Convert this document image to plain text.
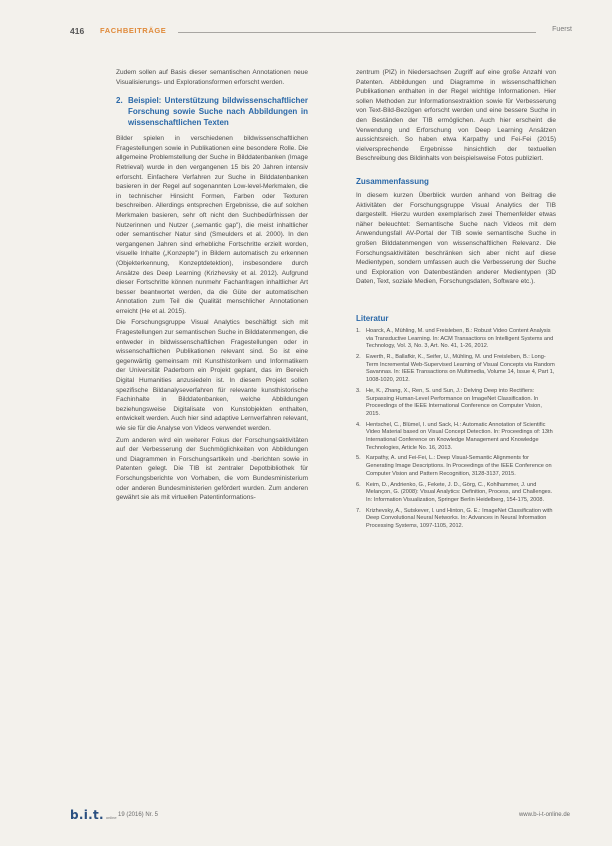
416 FACHBEITRÄGE	Fuerst

Zudem sollen auf Basis dieser semantischen Annotationen neue Visualisierungs- und Explorationsformen erforscht werden.

2. Beispiel: Unterstützung bildwissenschaftlicher Forschung sowie Suche nach Abbildungen in wissenschaftlichen Texten

Bilder spielen in verschiedenen bildwissenschaftlichen Fragestellungen sowie in Publikationen eine besondere Rolle. Die allgemeine Problemstellung der Suche in Bilddatenbanken (Image Retrieval) wurde in den vergangenen 15 bis 20 Jahren intensiv erforscht. Einfachere Verfahren zur Suche in Bilddatenbanken basieren in der Regel auf sogenannten Low-level-Merkmalen, die in technischer Hinsicht Formen, Farben oder Texturen beschreiben. Allerdings entsprechen Ergebnisse, die auf solchen Merkmalen basieren, sehr oft nicht den Suchbedürfnissen der Nutzerinnen und Nutzer („semantic gap"), die meist inhaltlicher oder semantischer Natur sind (Smeulders et al. 2000). In den vergangenen Jahren sind erhebliche Fortschritte erzielt worden, visuelle Inhalte („Konzepte") in Bildern automatisch zu erkennen (Objekterkennung, Konzeptdetektion), insbesondere durch Ansätze des Deep Learning (Krizhevsky et al. 2012). Aufgrund dieser Fortschritte können nunmehr Fachanfragen inhaltlicher Art besser beantwortet werden, da die Güte der automatischen Annotation zum Teil die Qualität menschlicher Annotationen erreicht (He et al. 2015).

Die Forschungsgruppe Visual Analytics beschäftigt sich mit Fragestellungen zur semantischen Suche in Bilddatenmengen, die entweder in bildwissenschaftlichen Fragestellungen oder in wissenschaftlichen Publikationen relevant sind. So ist eine gegenwärtig gemeinsam mit Kunsthistorikern und Informatikern der Universität Paderborn ein Projekt geplant, das im Bereich Digital Humanities anzusiedeln ist. In diesem Projekt sollen spezifische Bildanalyseverfahren für relevante kunsthistorische Fachinhalte in Bilddatenbanken, welche Abbildungen beziehungsweise Digitalisate von Kunstobjekten enthalten, entwickelt werden. Auch hier sind adaptive Lernverfahren relevant, wie sie für die Analyse von Videos verwendet werden.

Zum anderen wird ein weiterer Fokus der Forschungsaktivitäten auf der Verbesserung der Suchmöglichkeiten von Abbildungen und Diagrammen in Forschungsartikeln und -berichten sowie in Patenten gelegt. Die TIB ist zentraler Depotbibliothek für Forschungsberichte von Vorhaben, die vom Bundesministerium oder anderen Bundesministerien gefördert wurden. Zum anderen gewährt sie als mit virtuellen Patentinformations-

zentrum (PIZ) in Niedersachsen Zugriff auf eine große Anzahl von Patenten. Abbildungen und Diagramme in wissenschaftlichen Publikationen enthalten in der Regel wichtige Informationen. Hier sollen Methoden zur Informationsextraktion sowie für Verbesserung von Text-Bild-Bezügen erforscht werden und eine bessere Suche in den Beständen der TIB ermöglichen. Auch hier erscheint die Verwendung und Erforschung von Deep Learning Ansätzen aussichtsreich. So haben etwa Karpathy und Fei-Fei (2015) vielversprechende Ergebnisse hinsichtlich der textuellen Beschreibung des Bildinhalts von beispielsweise Fotos publiziert.

Zusammenfassung

In diesem kurzen Überblick wurden anhand von Beitrag die Aktivitäten der Forschungsgruppe Visual Analytics der TIB dargestellt. Hierzu wurden exemplarisch zwei Themenfelder etwas näher beleuchtet: Semantische Suche nach Videos mit dem Anwendungsfall AV-Portal der TIB sowie semantische Suche in großen Bilddatenmengen von wissenschaftlichen Relevanz. Die Forschungsaktivitäten beschränken sich aber nicht auf diese Medientypen, sondern umfassen auch die Verbesserung der Suche und Exploration von Datenbeständen anderer Medientypen (3D Daten, Text, soziale Medien, Forschungsdaten, Software etc.).

Literatur
1. Hoarck, A., Mühling, M. und Freisleben, B.: Robust Video Content Analysis via Transductive Learning. In: ACM Transactions on Intelligent Systems and Technology, Vol. 3, No. 3, Art. No. 41, 1-26, 2012.
2. Ewerth, R., Ballafkir, K., Seifer, U., Mühling, M. und Freisleben, B.: Long-Term Incremental Web-Supervised Learning of Visual Concepts via Random Savannas. In: IEEE Transactions on Multimedia, Volume 14, Issue 4, Part 1, 1008-1020, 2012.
3. He, K., Zhang, X., Ren, S. und Sun, J.: Delving Deep into Rectifiers: Surpassing Human-Level Performance on ImageNet Classification. In Proceedings of the IEEE International Conference on Computer Vision, 2015.
4. Hentschel, C., Blümel, I. und Sack, H.: Automatic Annotation of Scientific Video Material based on Visual Concept Detection. In: Proceedings of: 13th International Conference on Knowledge Management and Knowledge Technologies, Article No. 16, 2013.
5. Karpathy, A. und Fei-Fei, L.: Deep Visual-Semantic Alignments for Generating Image Descriptions. In Proceedings of the IEEE Conference on Computer Vision and Pattern Recognition, 3128-3137, 2015.
6. Keim, D., Andrienko, G., Fekete, J. D., Görg, C., Kohlhammer, J. und Melançon, G. (2008): Visual Analytics: Definition, Process, and Challenges. In: Information Visualization, Springer Berlin Heidelberg, 154-175, 2008.
7. Krizhevsky, A., Sutskever, I. und Hinton, G. E.: ImageNet Classification with Deep Convolutional Neural Networks. In: Advances in Neural Information Processing Systems, 1097-1105, 2012.
b.i.t. online 19 (2016) Nr. 5	www.b-i-t-online.de
